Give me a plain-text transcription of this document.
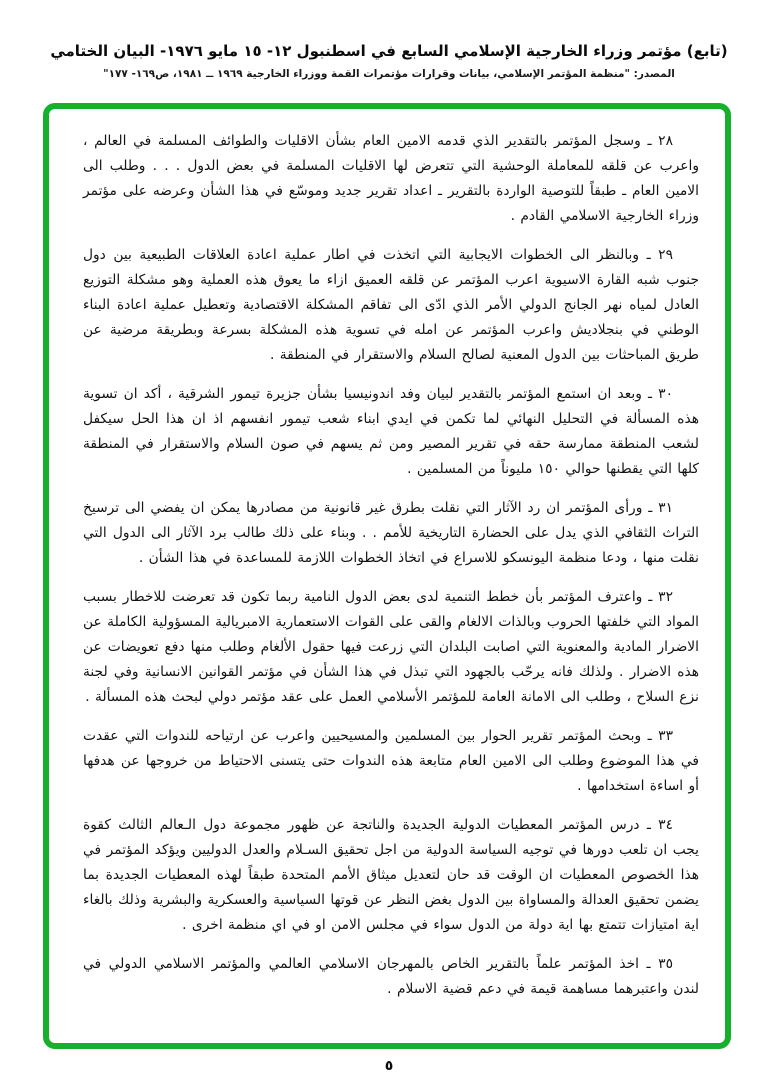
(تابع) مؤتمر وزراء الخارجية الإسلامي السابع في اسطنبول ١٢- ١٥ مايو ١٩٧٦- البيان الختامي
المصدر: "منظمة المؤتمر الإسلامي، بيانات وقرارات مؤتمرات القمة ووزراء الخارجية ١٩٦٩ ــ ١٩٨١، ص١٦٩- ١٧٧"

٢٨ ـ وسجل المؤتمر بالتقدير الذي قدمه الامين العام بشأن الاقليات والطوائف المسلمة في العالم ، واعرب عن قلقه للمعاملة الوحشية التي تتعرض لها الاقليات المسلمة في بعض الدول . . . وطلب الى الامين العام ـ طبقاً للتوصية الواردة بالتقرير ـ اعداد تقرير جديد وموسّع في هذا الشأن وعرضه على مؤتمر وزراء الخارجية الاسلامي القادم .

٢٩ ـ وبالنظر الى الخطوات الايجابية التي اتخذت في اطار عملية اعادة العلاقات الطبيعية بين دول جنوب شبه القارة الاسيوية اعرب المؤتمر عن قلقه العميق ازاء ما يعوق هذه العملية وهو مشكلة التوزيع العادل لمياه نهر الجانج الدولي الأمر الذي ادّى الى تفاقم المشكلة الاقتصادية وتعطيل عملية اعادة البناء الوطني في بنجلاديش واعرب المؤتمر عن امله في تسوية هذه المشكلة بسرعة وبطريقة مرضية عن طريق المباحثات بين الدول المعنية لصالح السلام والاستقرار في المنطقة .

٣٠ ـ وبعد ان استمع المؤتمر بالتقدير لبيان وفد اندونيسيا بشأن جزيرة تيمور الشرقية ، أكد ان تسوية هذه المسألة في التحليل النهائي لما تكمن في ايدي ابناء شعب تيمور انفسهم اذ ان هذا الحل سيكفل لشعب المنطقة ممارسة حقه في تقرير المصير ومن ثم يسهم في صون السلام والاستقرار في المنطقة كلها التي يقطنها حوالي ١٥٠ مليوناً من المسلمين .

٣١ ـ ورأى المؤتمر ان رد الآثار التي نقلت بطرق غير قانونية من مصادرها يمكن ان يفضي الى ترسيخ التراث الثقافي الذي يدل على الحضارة التاريخية للأمم . . وبناء على ذلك طالب برد الآثار الى الدول التي نقلت منها ، ودعا منظمة اليونسكو للاسراع في اتخاذ الخطوات اللازمة للمساعدة في هذا الشأن .

٣٢ ـ واعترف المؤتمر بأن خطط التنمية لدى بعض الدول النامية ربما تكون قد تعرضت للاخطار بسبب المواد التي خلفتها الحروب وبالذات الالغام والقى على القوات الاستعمارية الامبريالية المسؤولية الكاملة عن الاضرار المادية والمعنوية التي اصابت البلدان التي زرعت فيها حقول الألغام وطلب منها دفع تعويضات عن هذه الاضرار . ولذلك فانه يرحّب بالجهود التي تبذل في هذا الشأن في مؤتمر القوانين الانسانية وفي لجنة نزع السلاح ، وطلب الى الامانة العامة للمؤتمر الأسلامي العمل على عقد مؤتمر دولي لبحث هذه المسألة .

٣٣ ـ وبحث المؤتمر تقرير الحوار بين المسلمين والمسيحيين واعرب عن ارتياحه للندوات التي عقدت في هذا الموضوع وطلب الى الامين العام متابعة هذه الندوات حتى يتسنى الاحتياط من خروجها عن هدفها أو اساءة استخدامها .

٣٤ ـ درس المؤتمر المعطيات الدولية الجديدة والناتجة عن ظهور مجموعة دول الـعالم الثالث كقوة يجب ان تلعب دورها في توجيه السياسة الدولية من اجل تحقيق السـلام والعدل الدوليين ويؤكد المؤتمر في هذا الخصوص المعطيات ان الوقت قد حان لتعديل ميثاق الأمم المتحدة طبقاً لهذه المعطيات الجديدة بما يضمن تحقيق العدالة والمساواة بين الدول بغض النظر عن قوتها السياسية والعسكرية والبشرية وذلك بالغاء اية امتيازات تتمتع بها اية دولة من الدول سواء في مجلس الامن او في اي منظمة اخرى .

٣٥ ـ اخذ المؤتمر علماً بالتقرير الخاص بالمهرجان الاسلامي العالمي والمؤتمر الاسلامي الدولي في لندن واعتبرهما مساهمة قيمة في دعم قضية الاسلام .

٥
